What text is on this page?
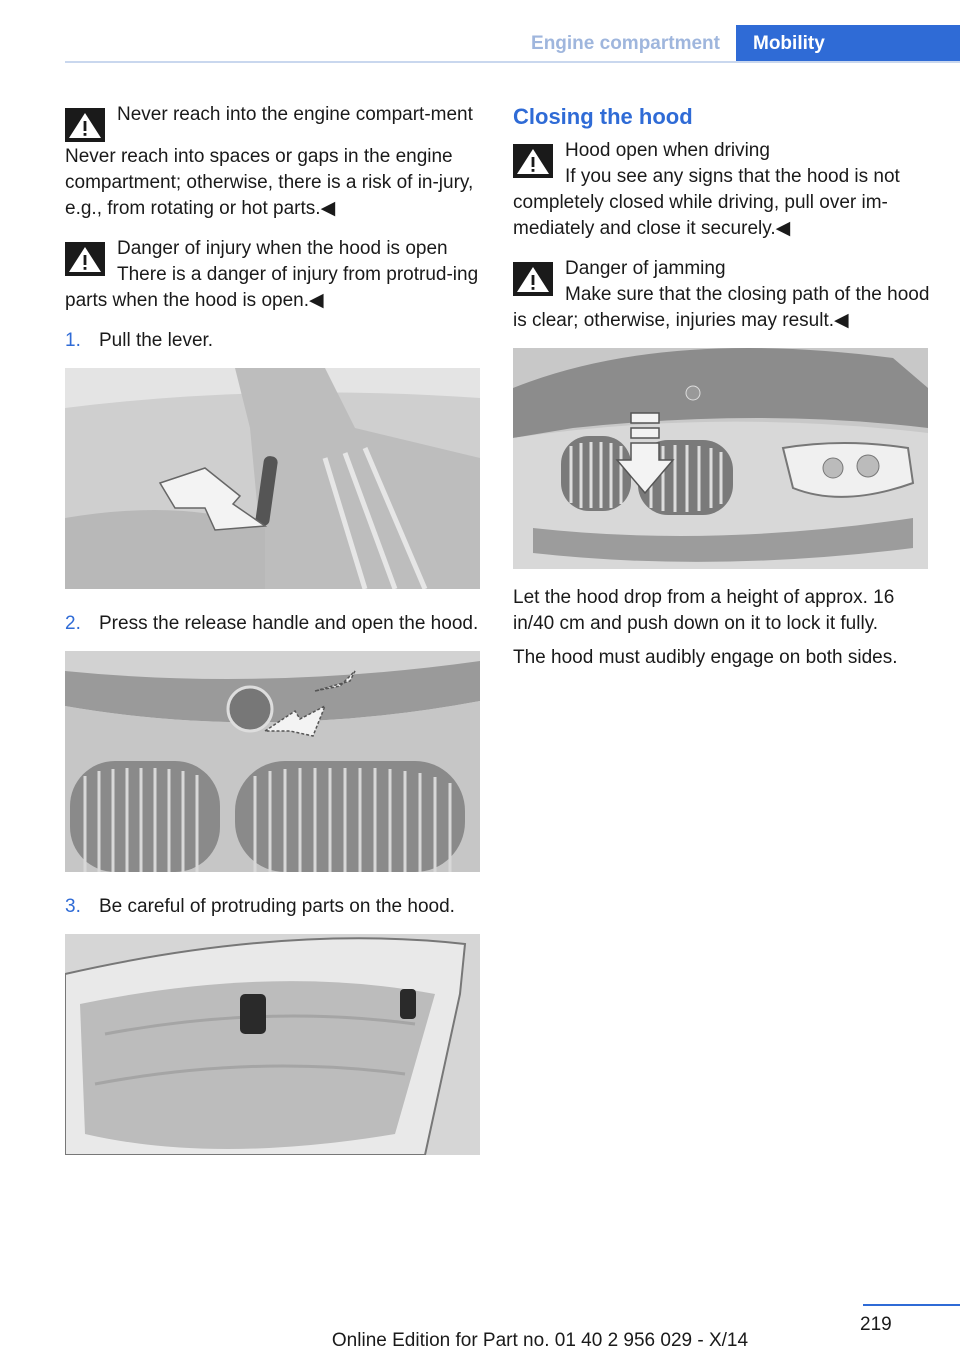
Engine compartment	Mobility

Never reach into the engine compart-ment

Never reach into spaces or gaps in the engine compartment; otherwise, there is a risk of in-jury, e.g., from rotating or hot parts.◀

Danger of injury when the hood is open

There is a danger of injury from protrud-ing parts when the hood is open.◀

1. Pull the lever.
2. Press the release handle and open the hood.
3. Be careful of protruding parts on the hood.
Closing the hood

Hood open when driving

If you see any signs that the hood is not completely closed while driving, pull over im-mediately and close it securely.◀

Danger of jamming

Make sure that the closing path of the hood is clear; otherwise, injuries may result.◀

Let the hood drop from a height of approx. 16 in/40 cm and push down on it to lock it fully.

The hood must audibly engage on both sides.

219
Online Edition for Part no. 01 40 2 956 029 - X/14
